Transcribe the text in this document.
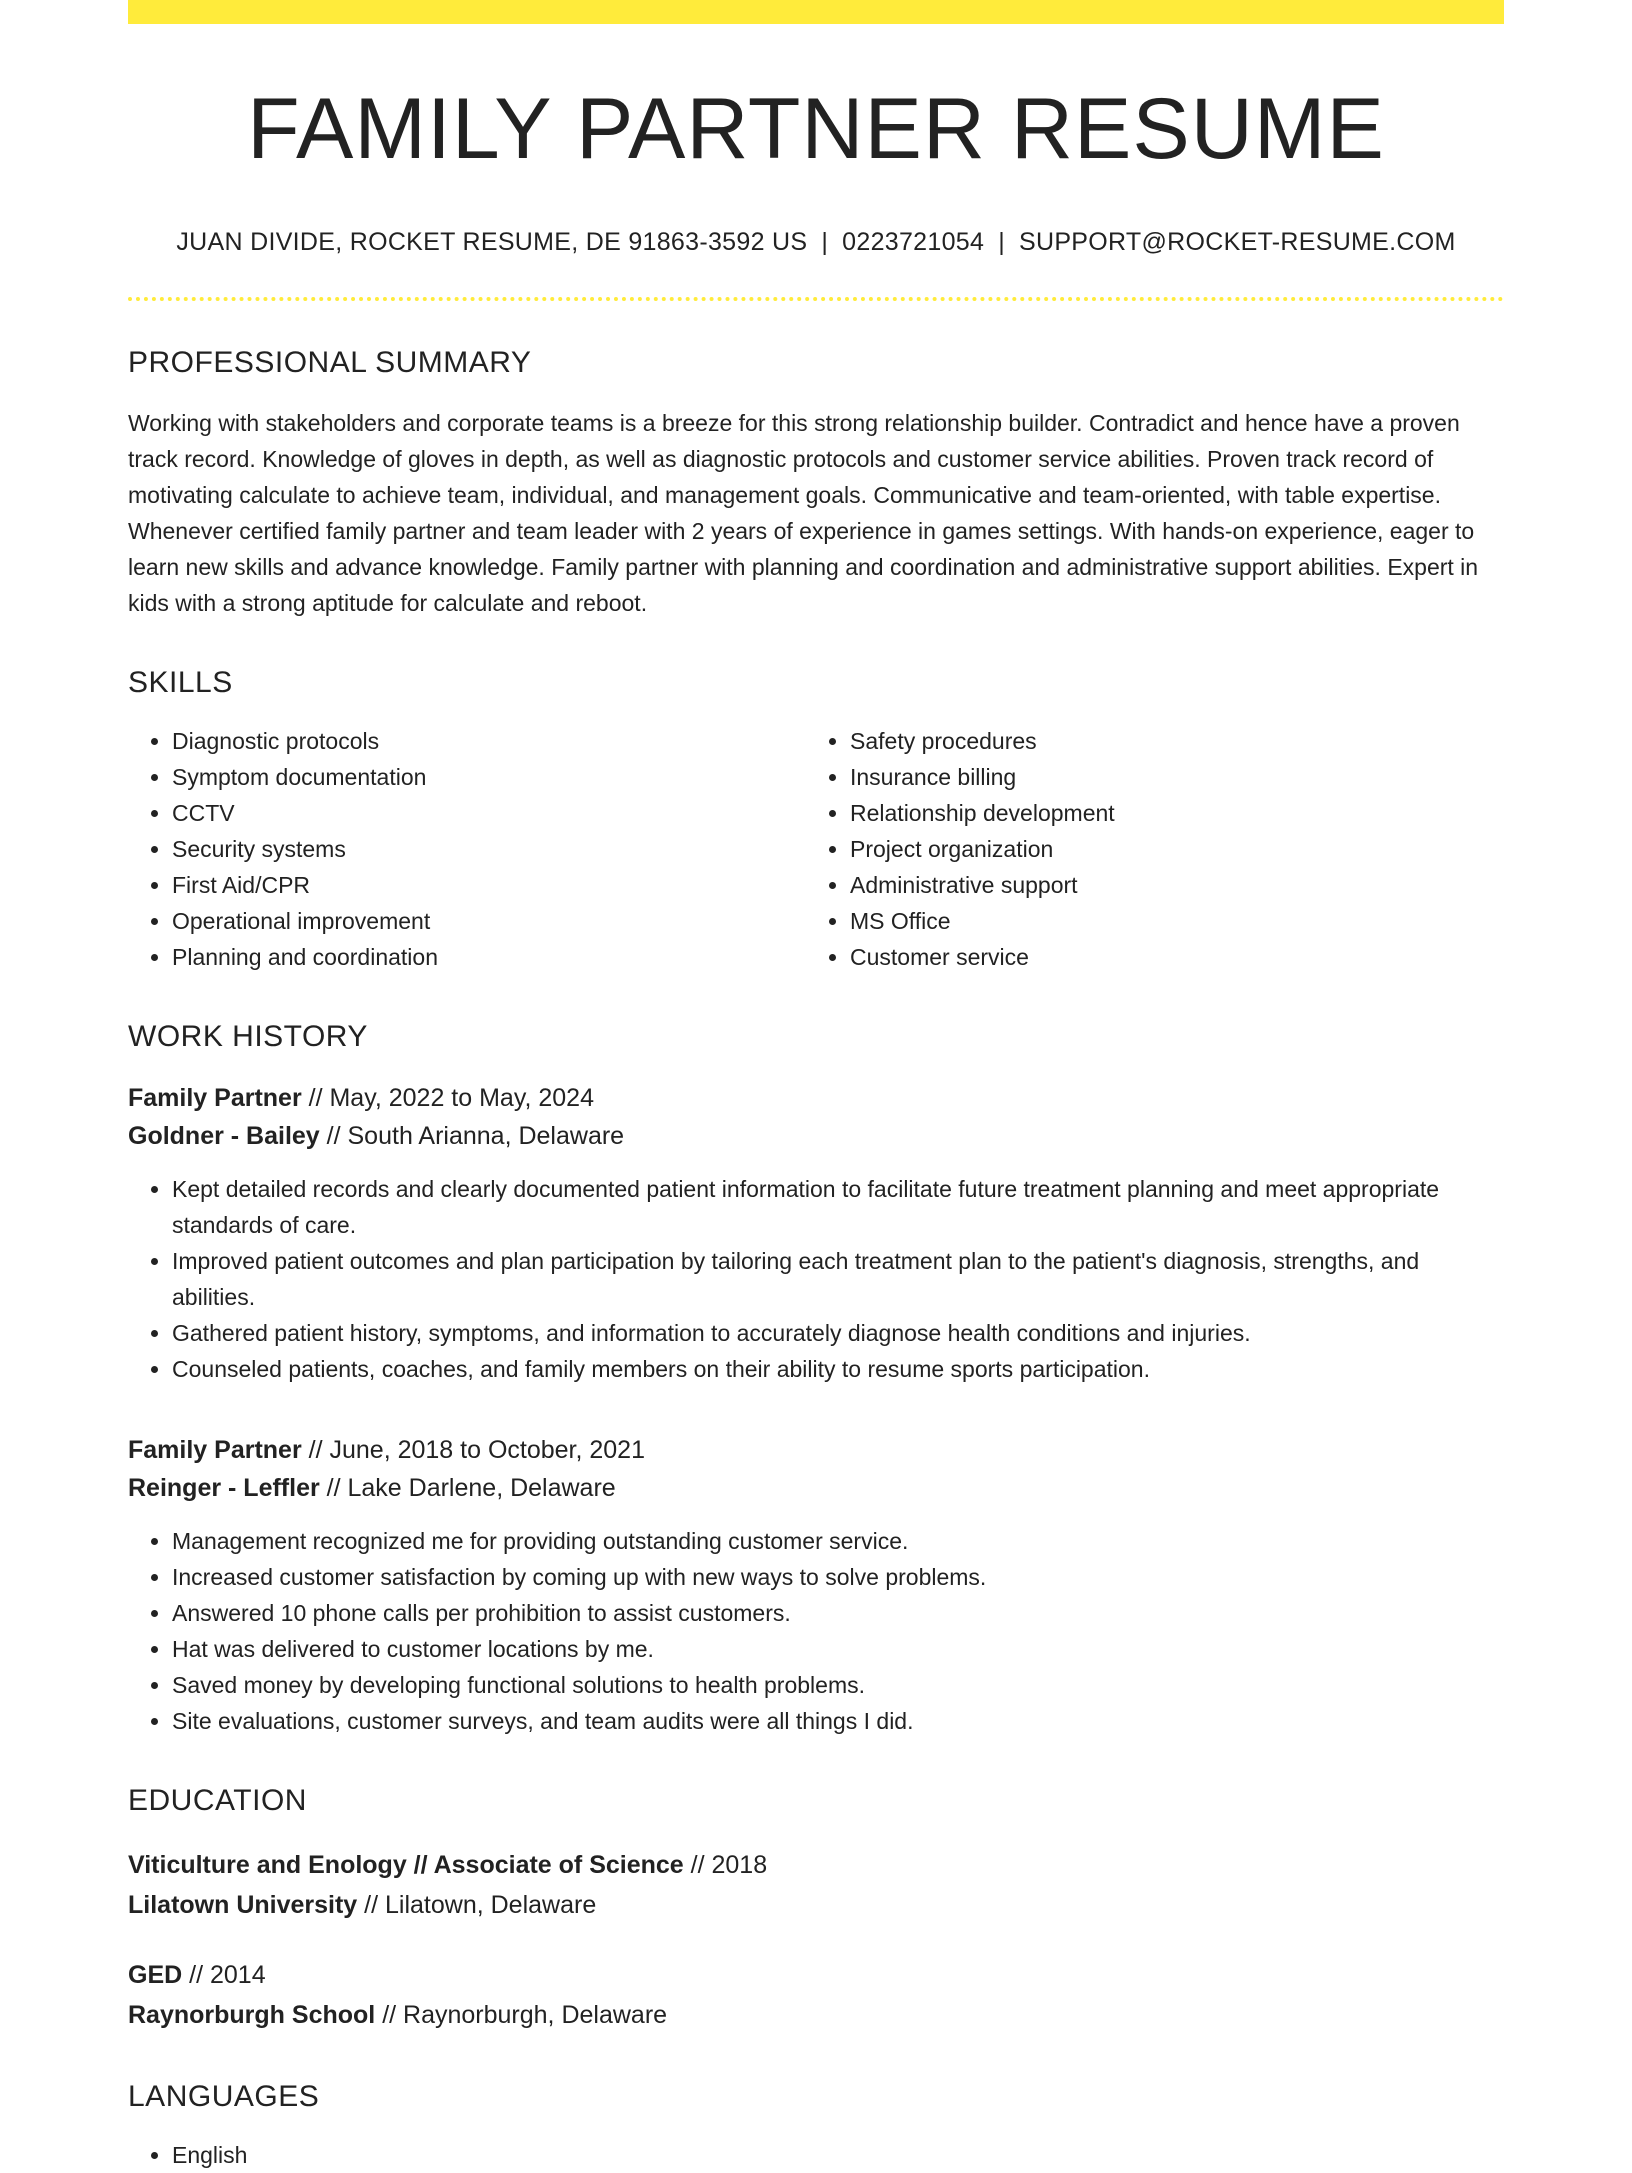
FAMILY PARTNER RESUME
JUAN DIVIDE, ROCKET RESUME, DE 91863-3592 US | 0223721054 | SUPPORT@ROCKET-RESUME.COM
PROFESSIONAL SUMMARY
Working with stakeholders and corporate teams is a breeze for this strong relationship builder. Contradict and hence have a proven track record. Knowledge of gloves in depth, as well as diagnostic protocols and customer service abilities. Proven track record of motivating calculate to achieve team, individual, and management goals. Communicative and team-oriented, with table expertise. Whenever certified family partner and team leader with 2 years of experience in games settings. With hands-on experience, eager to learn new skills and advance knowledge. Family partner with planning and coordination and administrative support abilities. Expert in kids with a strong aptitude for calculate and reboot.
SKILLS
• Diagnostic protocols
• Symptom documentation
• CCTV
• Security systems
• First Aid/CPR
• Operational improvement
• Planning and coordination
• Safety procedures
• Insurance billing
• Relationship development
• Project organization
• Administrative support
• MS Office
• Customer service
WORK HISTORY
Family Partner // May, 2022 to May, 2024
Goldner - Bailey // South Arianna, Delaware
• Kept detailed records and clearly documented patient information to facilitate future treatment planning and meet appropriate standards of care.
• Improved patient outcomes and plan participation by tailoring each treatment plan to the patient's diagnosis, strengths, and abilities.
• Gathered patient history, symptoms, and information to accurately diagnose health conditions and injuries.
• Counseled patients, coaches, and family members on their ability to resume sports participation.
Family Partner // June, 2018 to October, 2021
Reinger - Leffler // Lake Darlene, Delaware
• Management recognized me for providing outstanding customer service.
• Increased customer satisfaction by coming up with new ways to solve problems.
• Answered 10 phone calls per prohibition to assist customers.
• Hat was delivered to customer locations by me.
• Saved money by developing functional solutions to health problems.
• Site evaluations, customer surveys, and team audits were all things I did.
EDUCATION
Viticulture and Enology // Associate of Science // 2018
Lilatown University // Lilatown, Delaware
GED // 2014
Raynorburgh School // Raynorburgh, Delaware
LANGUAGES
• English
